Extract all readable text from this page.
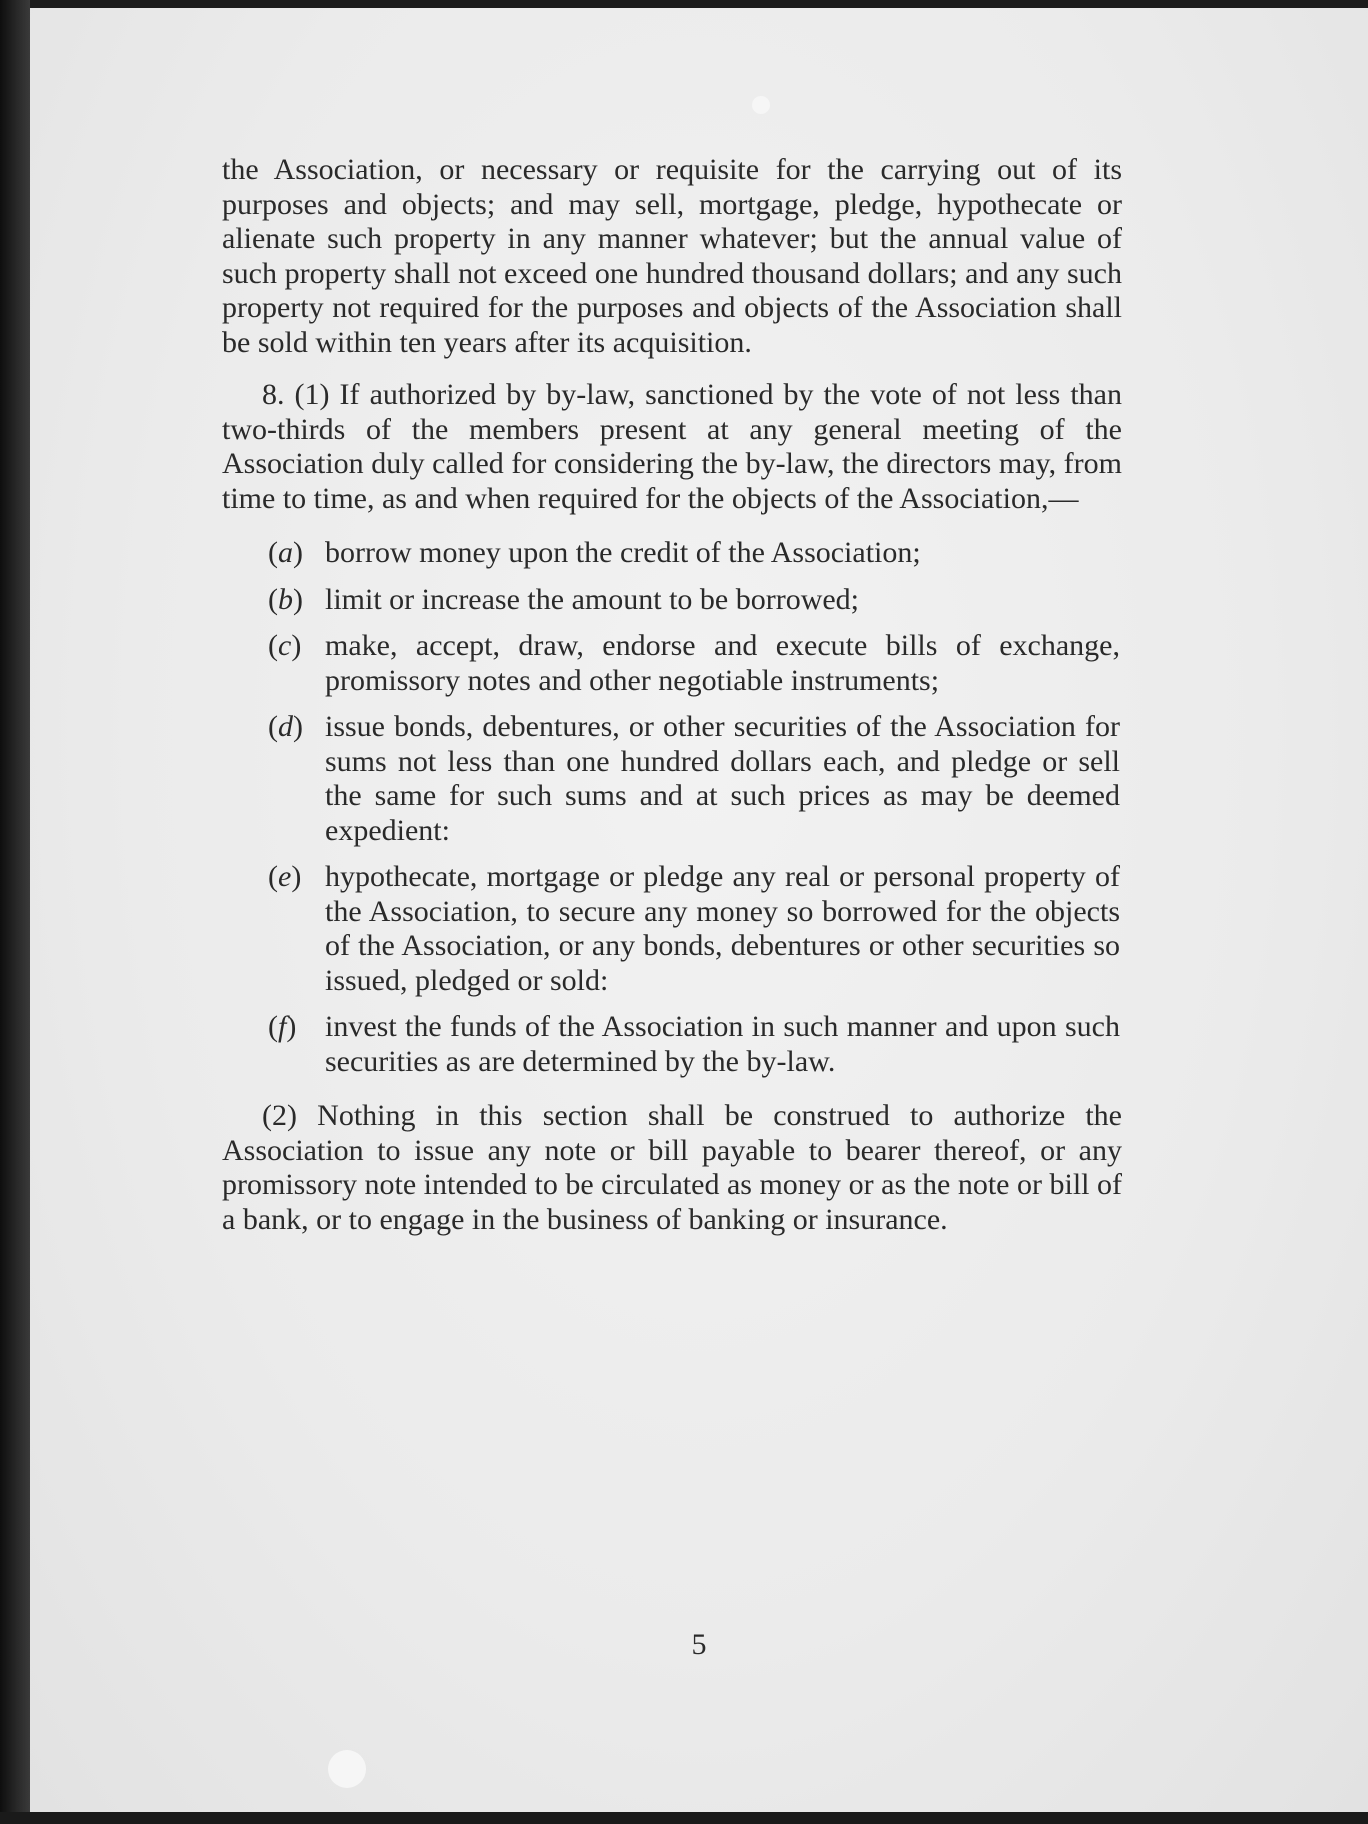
the Association, or necessary or requisite for the carrying out of its purposes and objects; and may sell, mortgage, pledge, hypothecate or alienate such property in any manner whatever; but the annual value of such property shall not exceed one hundred thousand dollars; and any such property not required for the purposes and objects of the Association shall be sold within ten years after its acquisition.

8. (1) If authorized by by-law, sanctioned by the vote of not less than two-thirds of the members present at any general meeting of the Association duly called for considering the by-law, the directors may, from time to time, as and when required for the objects of the Association,—

(a) borrow money upon the credit of the Association;
(b) limit or increase the amount to be borrowed;
(c) make, accept, draw, endorse and execute bills of exchange, promissory notes and other negotiable instruments;
(d) issue bonds, debentures, or other securities of the Association for sums not less than one hundred dollars each, and pledge or sell the same for such sums and at such prices as may be deemed expedient:
(e) hypothecate, mortgage or pledge any real or personal property of the Association, to secure any money so borrowed for the objects of the Association, or any bonds, debentures or other securities so issued, pledged or sold:
(f) invest the funds of the Association in such manner and upon such securities as are determined by the by-law.

(2) Nothing in this section shall be construed to authorize the Association to issue any note or bill payable to bearer thereof, or any promissory note intended to be circulated as money or as the note or bill of a bank, or to engage in the business of banking or insurance.

5
